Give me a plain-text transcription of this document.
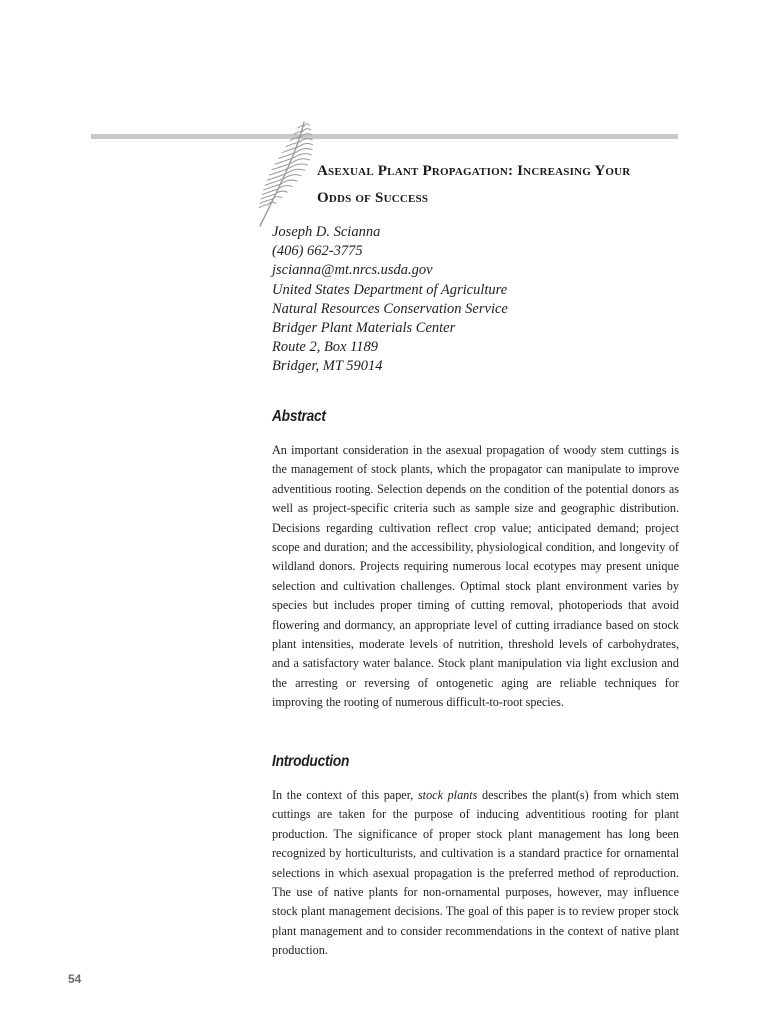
Asexual Plant Propagation: Increasing Your
Odds of Success
Joseph D. Scianna
(406) 662-3775
jscianna@mt.nrcs.usda.gov
United States Department of Agriculture
Natural Resources Conservation Service
Bridger Plant Materials Center
Route 2, Box 1189
Bridger, MT 59014
Abstract

An important consideration in the asexual propagation of woody stem cuttings is the management of stock plants, which the propagator can manipulate to improve adventitious rooting. Selection depends on the condition of the potential donors as well as project-specific criteria such as sample size and geographic distribution. Decisions regarding cultivation reflect crop value; anticipated demand; project scope and duration; and the accessibility, physiological condition, and longevity of wildland donors. Projects requiring numerous local ecotypes may present unique selection and cultivation challenges. Optimal stock plant environment varies by species but includes proper timing of cutting removal, photoperiods that avoid flowering and dormancy, an appropriate level of cutting irradiance based on stock plant intensities, moderate levels of nutrition, threshold levels of carbohydrates, and a satisfactory water balance. Stock plant manipulation via light exclusion and the arresting or reversing of ontogenetic aging are reliable techniques for improving the rooting of numerous difficult-to-root species.

Introduction

In the context of this paper, stock plants describes the plant(s) from which stem cuttings are taken for the purpose of inducing adventitious rooting for plant production. The significance of proper stock plant management has long been recognized by horticulturists, and cultivation is a standard practice for ornamental selections in which asexual propagation is the preferred method of reproduction. The use of native plants for non-ornamental purposes, however, may influence stock plant management decisions. The goal of this paper is to review proper stock plant management and to consider recommendations in the context of native plant production.

54
